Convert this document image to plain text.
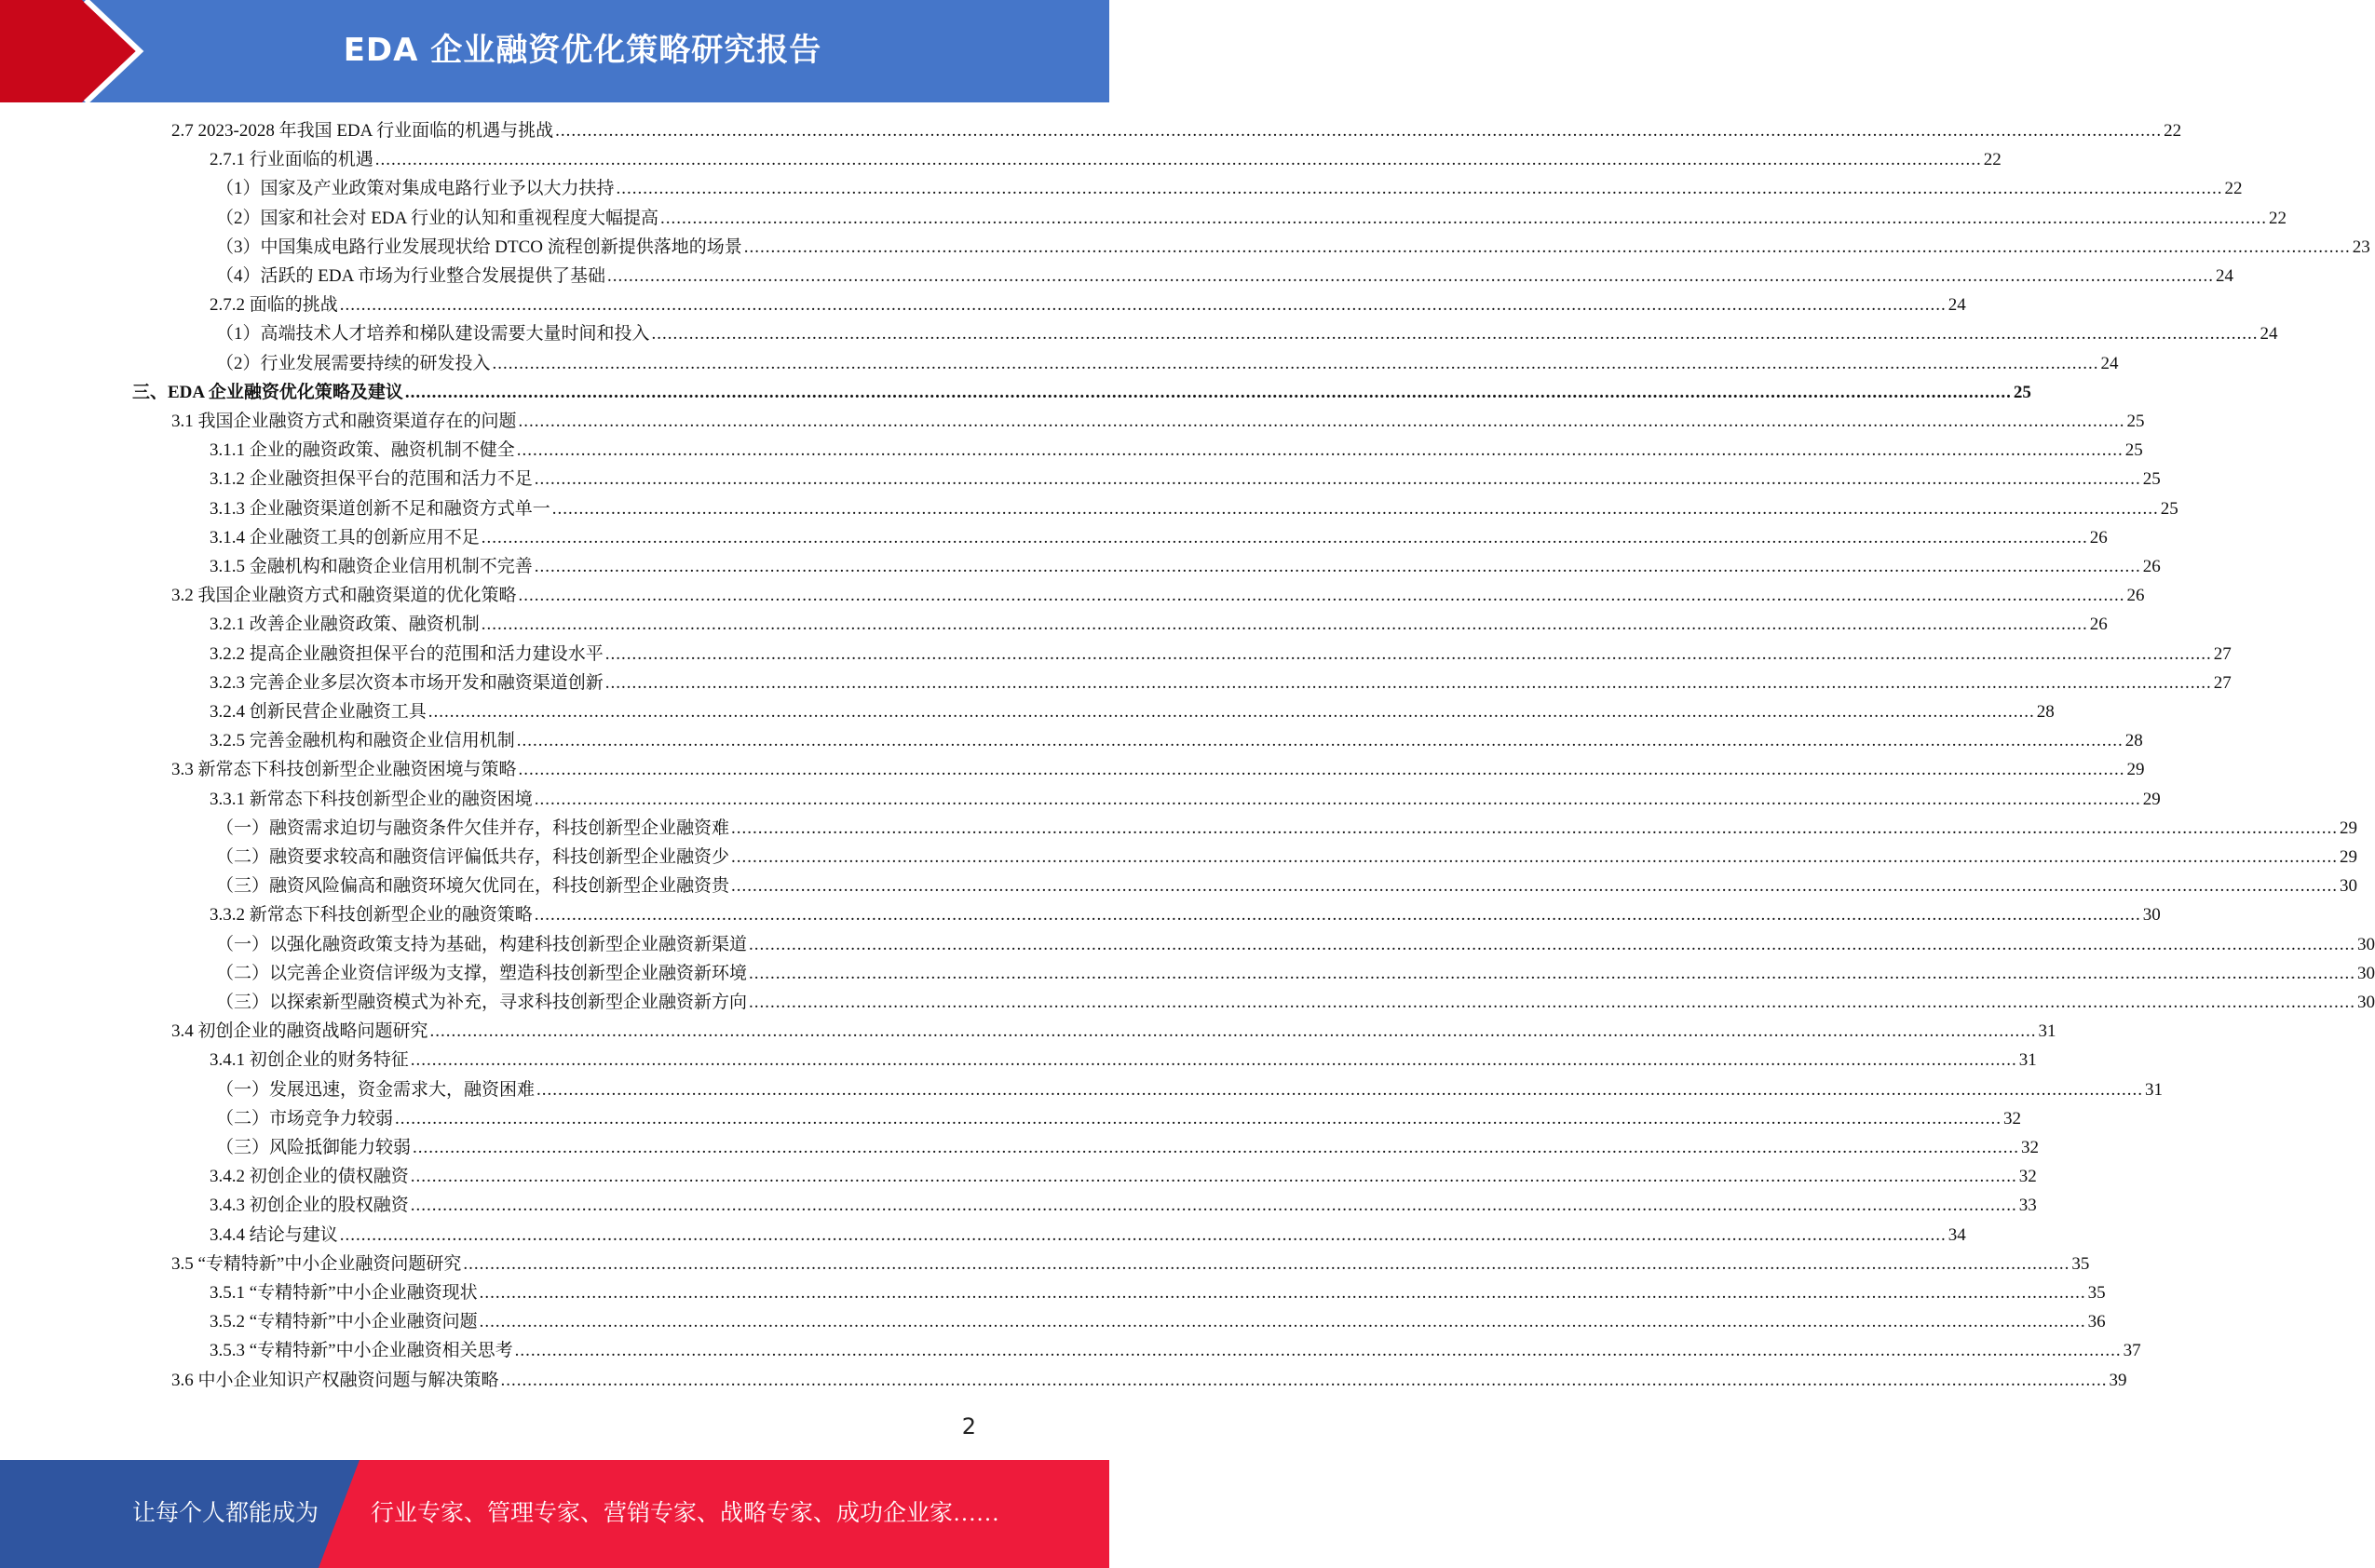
EDA 企业融资优化策略研究报告
2.7 2023-2028 年我国 EDA 行业面临的机遇与挑战 ............................................................................................................................................................................................................................................................................................................ 22
2.7.1 行业面临的机遇 ............................................................................................................................................................................................................................................................................................................ 22
（1）国家及产业政策对集成电路行业予以大力扶持 ............................................................................................................................................................................................................................................................................................................ 22
（2）国家和社会对 EDA 行业的认知和重视程度大幅提高 ............................................................................................................................................................................................................................................................................................................ 22
（3）中国集成电路行业发展现状给 DTCO 流程创新提供落地的场景 ............................................................................................................................................................................................................................................................................................................ 23
（4）活跃的 EDA 市场为行业整合发展提供了基础 ............................................................................................................................................................................................................................................................................................................ 24
2.7.2 面临的挑战 ............................................................................................................................................................................................................................................................................................................ 24
（1）高端技术人才培养和梯队建设需要大量时间和投入 ............................................................................................................................................................................................................................................................................................................ 24
（2）行业发展需要持续的研发投入 ............................................................................................................................................................................................................................................................................................................ 24
三、EDA 企业融资优化策略及建议 ............................................................................................................................................................................................................................................................................................................ 25
3.1 我国企业融资方式和融资渠道存在的问题 ............................................................................................................................................................................................................................................................................................................ 25
3.1.1 企业的融资政策、融资机制不健全 ............................................................................................................................................................................................................................................................................................................ 25
3.1.2 企业融资担保平台的范围和活力不足 ............................................................................................................................................................................................................................................................................................................ 25
3.1.3 企业融资渠道创新不足和融资方式单一 ............................................................................................................................................................................................................................................................................................................ 25
3.1.4 企业融资工具的创新应用不足 ............................................................................................................................................................................................................................................................................................................ 26
3.1.5 金融机构和融资企业信用机制不完善 ............................................................................................................................................................................................................................................................................................................ 26
3.2 我国企业融资方式和融资渠道的优化策略 ............................................................................................................................................................................................................................................................................................................ 26
3.2.1 改善企业融资政策、融资机制 ............................................................................................................................................................................................................................................................................................................ 26
3.2.2 提高企业融资担保平台的范围和活力建设水平 ............................................................................................................................................................................................................................................................................................................ 27
3.2.3 完善企业多层次资本市场开发和融资渠道创新 ............................................................................................................................................................................................................................................................................................................ 27
3.2.4 创新民营企业融资工具 ............................................................................................................................................................................................................................................................................................................ 28
3.2.5 完善金融机构和融资企业信用机制 ............................................................................................................................................................................................................................................................................................................ 28
3.3 新常态下科技创新型企业融资困境与策略 ............................................................................................................................................................................................................................................................................................................ 29
3.3.1 新常态下科技创新型企业的融资困境 ............................................................................................................................................................................................................................................................................................................ 29
（一）融资需求迫切与融资条件欠佳并存，科技创新型企业融资难 ............................................................................................................................................................................................................................................................................................................ 29
（二）融资要求较高和融资信评偏低共存，科技创新型企业融资少 ............................................................................................................................................................................................................................................................................................................ 29
（三）融资风险偏高和融资环境欠优同在，科技创新型企业融资贵 ............................................................................................................................................................................................................................................................................................................ 30
3.3.2 新常态下科技创新型企业的融资策略 ............................................................................................................................................................................................................................................................................................................ 30
（一）以强化融资政策支持为基础，构建科技创新型企业融资新渠道 ............................................................................................................................................................................................................................................................................................................ 30
（二）以完善企业资信评级为支撑，塑造科技创新型企业融资新环境 ............................................................................................................................................................................................................................................................................................................ 30
（三）以探索新型融资模式为补充，寻求科技创新型企业融资新方向 ............................................................................................................................................................................................................................................................................................................ 30
3.4 初创企业的融资战略问题研究 ............................................................................................................................................................................................................................................................................................................ 31
3.4.1 初创企业的财务特征 ............................................................................................................................................................................................................................................................................................................ 31
（一）发展迅速，资金需求大，融资困难 ............................................................................................................................................................................................................................................................................................................ 31
（二）市场竞争力较弱 ............................................................................................................................................................................................................................................................................................................ 32
（三）风险抵御能力较弱 ............................................................................................................................................................................................................................................................................................................ 32
3.4.2 初创企业的债权融资 ............................................................................................................................................................................................................................................................................................................ 32
3.4.3 初创企业的股权融资 ............................................................................................................................................................................................................................................................................................................ 33
3.4.4 结论与建议 ............................................................................................................................................................................................................................................................................................................ 34
3.5 “专精特新”中小企业融资问题研究 ............................................................................................................................................................................................................................................................................................................ 35
3.5.1 “专精特新”中小企业融资现状 ............................................................................................................................................................................................................................................................................................................ 35
3.5.2 “专精特新”中小企业融资问题 ............................................................................................................................................................................................................................................................................................................ 36
3.5.3 “专精特新”中小企业融资相关思考 ............................................................................................................................................................................................................................................................................................................ 37
3.6 中小企业知识产权融资问题与解决策略 ............................................................................................................................................................................................................................................................................................................ 39
2
让每个人都能成为 行业专家、管理专家、营销专家、战略专家、成功企业家……
